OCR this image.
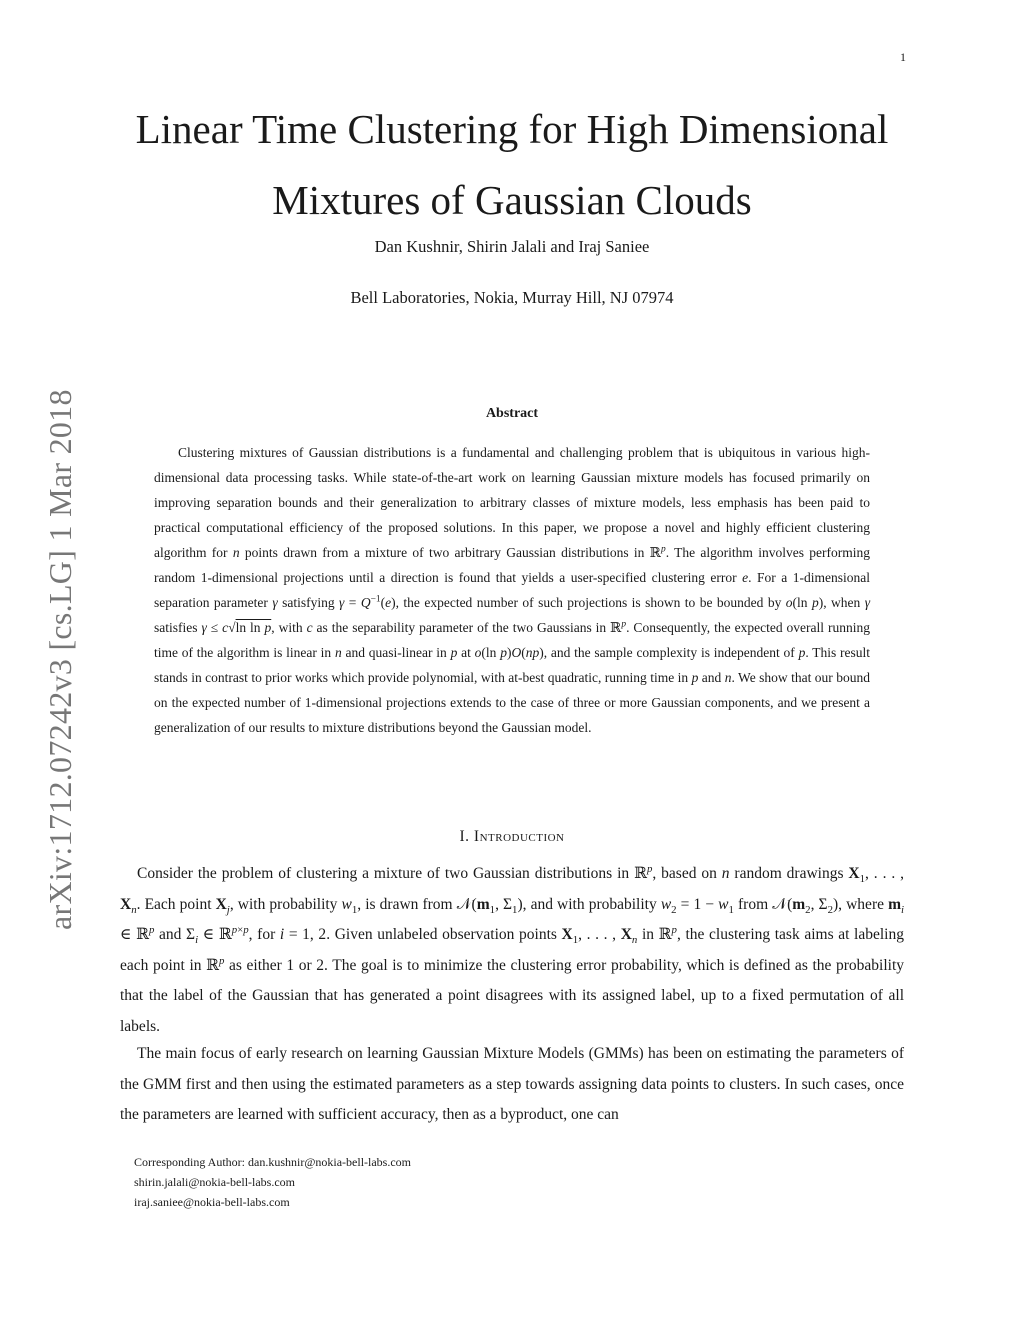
1
arXiv:1712.07242v3 [cs.LG] 1 Mar 2018
Linear Time Clustering for High Dimensional
Mixtures of Gaussian Clouds
Dan Kushnir, Shirin Jalali and Iraj Saniee
Bell Laboratories, Nokia, Murray Hill, NJ 07974
Abstract

Clustering mixtures of Gaussian distributions is a fundamental and challenging problem that is ubiquitous in various high-dimensional data processing tasks. While state-of-the-art work on learning Gaussian mixture models has focused primarily on improving separation bounds and their generalization to arbitrary classes of mixture models, less emphasis has been paid to practical computational efficiency of the proposed solutions. In this paper, we propose a novel and highly efficient clustering algorithm for n points drawn from a mixture of two arbitrary Gaussian distributions in ℝ$^p$. The algorithm involves performing random 1-dimensional projections until a direction is found that yields a user-specified clustering error e. For a 1-dimensional separation parameter γ satisfying $\gamma = Q^{-1}(e)$, the expected number of such projections is shown to be bounded by o(ln p), when γ satisfies γ ≤ c√ln ln p, with c as the separability parameter of the two Gaussians in ℝ$^p$. Consequently, the expected overall running time of the algorithm is linear in n and quasi-linear in p at o(ln p)O(np), and the sample complexity is independent of p. This result stands in contrast to prior works which provide polynomial, with at-best quadratic, running time in p and n. We show that our bound on the expected number of 1-dimensional projections extends to the case of three or more Gaussian components, and we present a generalization of our results to mixture distributions beyond the Gaussian model.

I. Introduction

Consider the problem of clustering a mixture of two Gaussian distributions in ℝ$^p$, based on n random drawings $X_1$, . . . , $X_n$. Each point $X_j$, with probability $w_1$, is drawn from $𝒩(m_1$, $\Sigma_1$), and with probability $w_2 = 1 - w_1$ from $𝒩(m_2$, $\Sigma_2$), where $m_i$ ∈ ℝ$^p$ and $\Sigma_i$ ∈ ℝ$^{p\times p}$, for i = 1, 2. Given unlabeled observation points $X_1$, . . . , $X_n$ in ℝ$^p$, the clustering task aims at labeling each point in ℝ$^p$ as either 1 or 2. The goal is to minimize the clustering error probability, which is defined as the probability that the label of the Gaussian that has generated a point disagrees with its assigned label, up to a fixed permutation of all labels.

The main focus of early research on learning Gaussian Mixture Models (GMMs) has been on estimating the parameters of the GMM first and then using the estimated parameters as a step towards assigning data points to clusters. In such cases, once the parameters are learned with sufficient accuracy, then as a byproduct, one can

Corresponding Author: dan.kushnir@nokia-bell-labs.com
shirin.jalali@nokia-bell-labs.com
iraj.saniee@nokia-bell-labs.com
